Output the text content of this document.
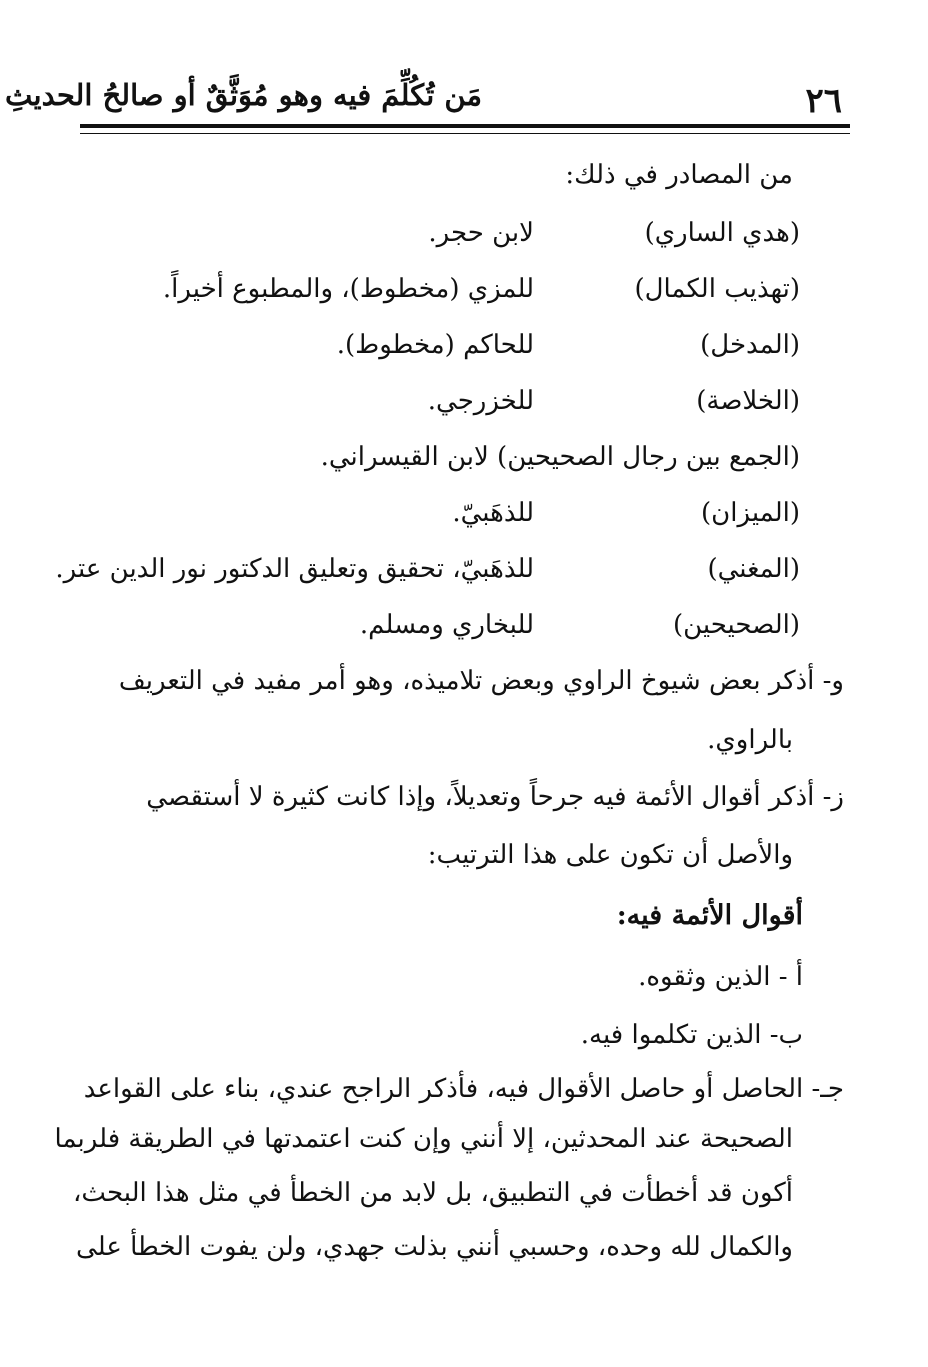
٢٦
مَن تُكُلِّمَ فيه وهو مُوَثَّقٌ أو صالحُ الحديثِ
من المصادر في ذلك:
(هدي الساري)
لابن حجر.
(تهذيب الكمال)
للمزي (مخطوط)، والمطبوع أخيراً.
(المدخل)
للحاكم (مخطوط).
(الخلاصة)
للخزرجي.
(الجمع بين رجال الصحيحين) لابن القيسراني.
(الميزان)
للذهَبيّ.
(المغني)
للذهَبيّ، تحقيق وتعليق الدكتور نور الدين عتر.
(الصحيحين)
للبخاري ومسلم.
و- أذكر بعض شيوخ الراوي وبعض تلاميذه، وهو أمر مفيد في التعريف
بالراوي.
ز- أذكر أقوال الأئمة فيه جرحاً وتعديلاً، وإذا كانت كثيرة لا أستقصي
والأصل أن تكون على هذا الترتيب:
أقوال الأئمة فيه:
أ - الذين وثقوه.
ب- الذين تكلموا فيه.
جـ- الحاصل أو حاصل الأقوال فيه، فأذكر الراجح عندي، بناء على القواعد
الصحيحة عند المحدثين، إلا أنني وإن كنت اعتمدتها في الطريقة فلربما
أكون قد أخطأت في التطبيق، بل لابد من الخطأ في مثل هذا البحث،
والكمال لله وحده، وحسبي أنني بذلت جهدي، ولن يفوت الخطأ على
